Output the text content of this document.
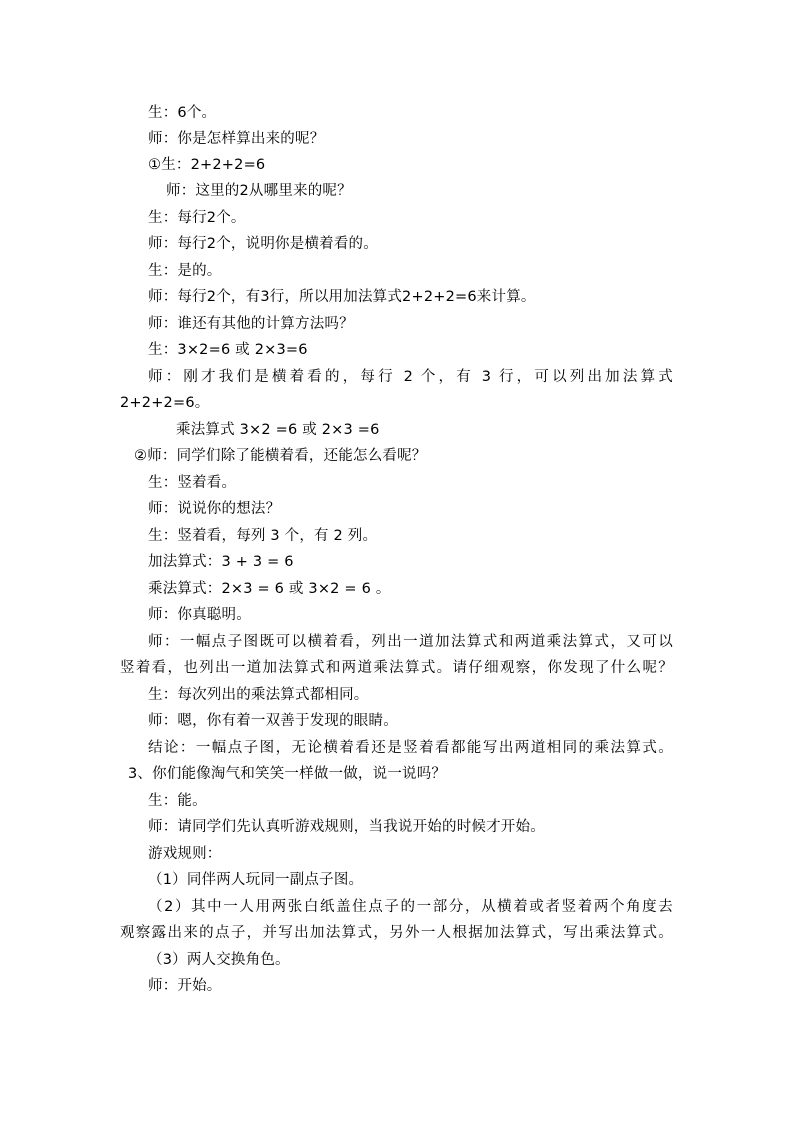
生：6个。
师：你是怎样算出来的呢？
①生：2+2+2=6
师：这里的2从哪里来的呢？
生：每行2个。
师：每行2个，说明你是横着看的。
生：是的。
师：每行2个，有3行，所以用加法算式2+2+2=6来计算。
师：谁还有其他的计算方法吗？
生：3×2=6 或 2×3=6
师：刚才我们是横着看的，每行 2 个，有 3 行，可以列出加法算式
2+2+2=6。
乘法算式 3×2 =6 或 2×3 =6
②师：同学们除了能横着看，还能怎么看呢？
生：竖着看。
师：说说你的想法？
生：竖着看，每列 3 个，有 2 列。
加法算式：3 + 3 = 6
乘法算式：2×3 = 6 或 3×2 = 6 。
师：你真聪明。
师：一幅点子图既可以横着看，列出一道加法算式和两道乘法算式，又可以
竖着看，也列出一道加法算式和两道乘法算式。请仔细观察，你发现了什么呢？
生：每次列出的乘法算式都相同。
师：嗯，你有着一双善于发现的眼睛。
结论：一幅点子图，无论横着看还是竖着看都能写出两道相同的乘法算式。
3、你们能像淘气和笑笑一样做一做，说一说吗？
生：能。
师：请同学们先认真听游戏规则，当我说开始的时候才开始。
游戏规则：
（1）同伴两人玩同一副点子图。
（2）其中一人用两张白纸盖住点子的一部分，从横着或者竖着两个角度去
观察露出来的点子，并写出加法算式，另外一人根据加法算式，写出乘法算式。
（3）两人交换角色。
师：开始。
